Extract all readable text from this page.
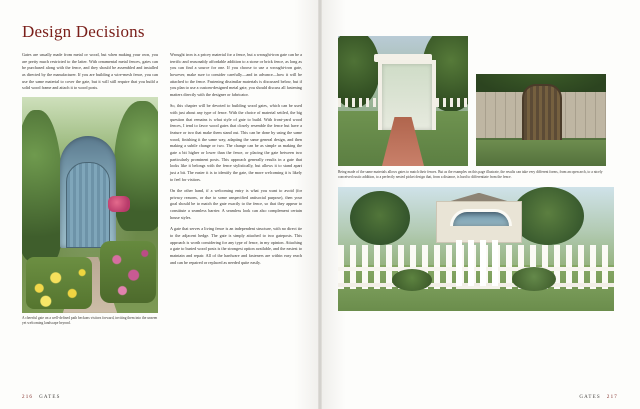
Design Decisions

Gates are usually made from metal or wood, but when making your own, you are pretty much restricted to the latter. With ornamental metal fences, gates can be purchased along with the fence, and they should be assembled and installed as directed by the manufacturer. If you are building a wire-mesh fence, you can use the same material to cover the gate, but it will still require that you build a solid wood frame and attach it to wood posts.

A cheerful gate on a well-defined path beckons visitors forward, inviting them into the unseen yet welcoming landscape beyond.

Wrought iron is a pricey material for a fence, but a wrought-iron gate can be a terrific and reasonably affordable addition to a stone or brick fence, as long as you can find a source for one. If you choose to use a wrought-iron gate, however, make sure to consider carefully—and in advance—how it will be attached to the fence. Fastening dissimilar materials is discussed below, but if you plan to use a custom-designed metal gate, you should discuss all fastening matters directly with the designer or fabricator.

So, this chapter will be devoted to building wood gates, which can be used with just about any type of fence. With the choice of material settled, the big question that remains is what style of gate to build. With front-yard wood fences, I tend to favor wood gates that closely resemble the fence but have a feature or two that make them stand out. This can be done by using the same wood, finishing it the same way, adapting the same general design, and then making a subtle change or two. The change can be as simple as making the gate a bit higher or lower than the fence, or placing the gate between two particularly prominent posts. This approach generally results in a gate that looks like it belongs with the fence stylistically, but allows it to stand apart just a bit. The easier it is to identify the gate, the more welcoming it is likely to feel for visitors.

On the other hand, if a welcoming entry is what you want to avoid (for privacy reasons, or due to some unspecified antisocial purpose), then your goal should be to match the gate exactly to the fence, so that they appear to constitute a seamless barrier. A seamless look can also complement certain house styles.

A gate that serves a living fence is an independent structure, with no direct tie to the adjacent hedge. The gate is simply attached to two gateposts. This approach is worth considering for any type of fence, in my opinion. Attaching a gate to buried wood posts is the strongest option available, and the easiest to maintain and repair. All of the hardware and fasteners are within easy reach and can be repaired or replaced as needed quite easily.

216 GATES

Being made of the same materials allows gates to match their fences. But as the examples on this page illustrate, the results can take very different forms, from an open arch, to a nicely conceived rustic addition, to a perfectly nested picket design that, from a distance, is hard to differentiate from the fence.

GATES 217
